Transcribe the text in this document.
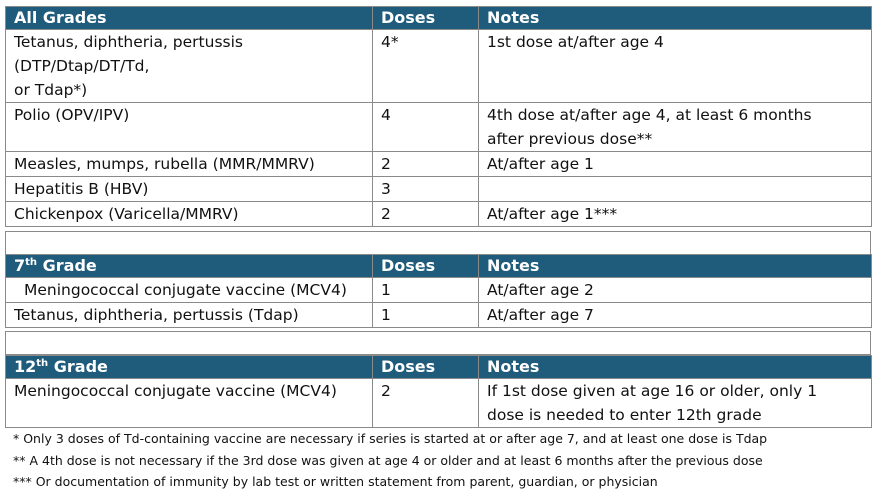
All Grades	Doses	Notes

Tetanus, diphtheria, pertussis
(DTP/Dtap/DT/Td,
or Tdap*)	4*	1st dose at/after age 4
Polio (OPV/IPV)	4	4th dose at/after age 4, at least 6 months
after previous dose**

Measles, mumps, rubella (MMR/MMRV)	2	At/after age 1
Hepatitis B (HBV)	3	
Chickenpox (Varicella/MMRV)	2	At/after age 1***
7th Grade	Doses	Notes
Meningococcal conjugate vaccine (MCV4)	1	At/after age 2
Tetanus, diphtheria, pertussis (Tdap)	1	At/after age 7
12th Grade	Doses	Notes
Meningococcal conjugate vaccine (MCV4)	2	If 1st dose given at age 16 or older, only 1
dose is needed to enter 12th grade
* Only 3 doses of Td-containing vaccine are necessary if series is started at or after age 7, and at least one dose is Tdap
** A 4th dose is not necessary if the 3rd dose was given at age 4 or older and at least 6 months after the previous dose
*** Or documentation of immunity by lab test or written statement from parent, guardian, or physician
